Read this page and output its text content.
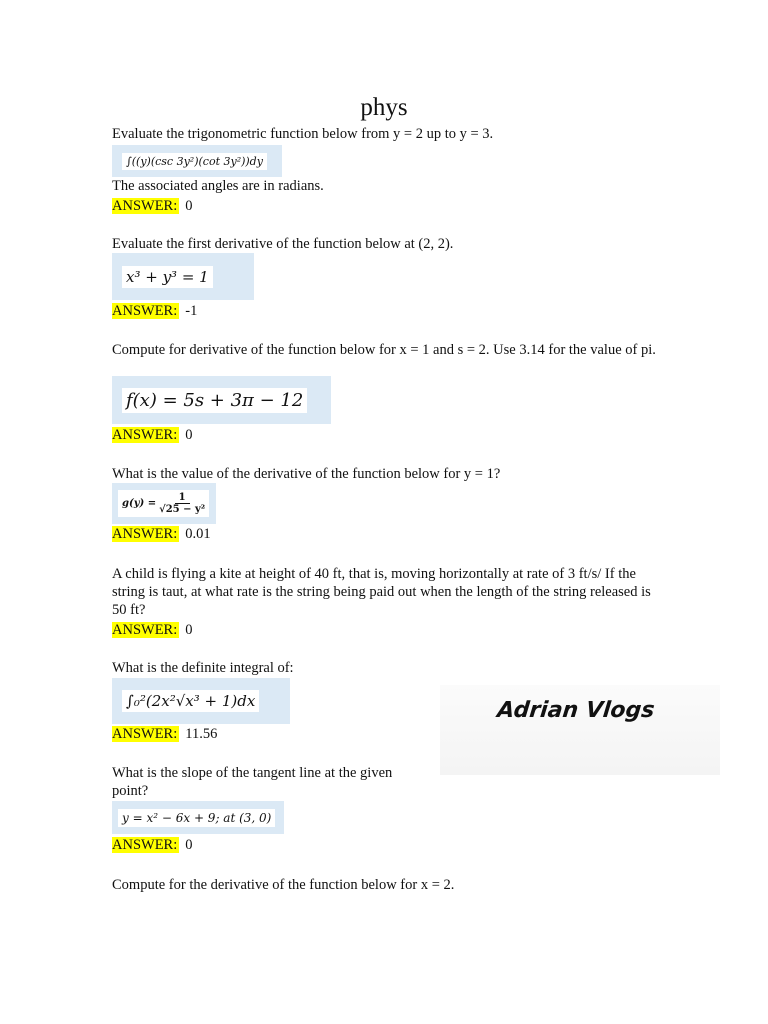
phys
Evaluate the trigonometric function below from y = 2 up to y = 3.
∫((y)(csc 3y²)(cot 3y²))dy
The associated angles are in radians.
ANSWER: 0
Evaluate the first derivative of the function below at (2, 2).
x³ + y³ = 1
ANSWER: -1
Compute for derivative of the function below for x = 1 and s = 2. Use 3.14 for the value of pi.
f(x) = 5s + 3π − 12
ANSWER: 0
What is the value of the derivative of the function below for y = 1?
$g(y) = \frac{1}{\text{√25 − y²}}$
ANSWER: 0.01
A child is flying a kite at height of 40 ft, that is, moving horizontally at rate of 3 ft/s/ If the string is taut, at what rate is the string being paid out when the length of the string released is 50 ft?
ANSWER: 0
What is the definite integral of:
∫₀²(2x²√x³ + 1)dx
ANSWER: 11.56
What is the slope of the tangent line at the given point?
y = x² − 6x + 9; at (3, 0)
ANSWER: 0
Compute for the derivative of the function below for x = 2.
Adrian Vlogs
